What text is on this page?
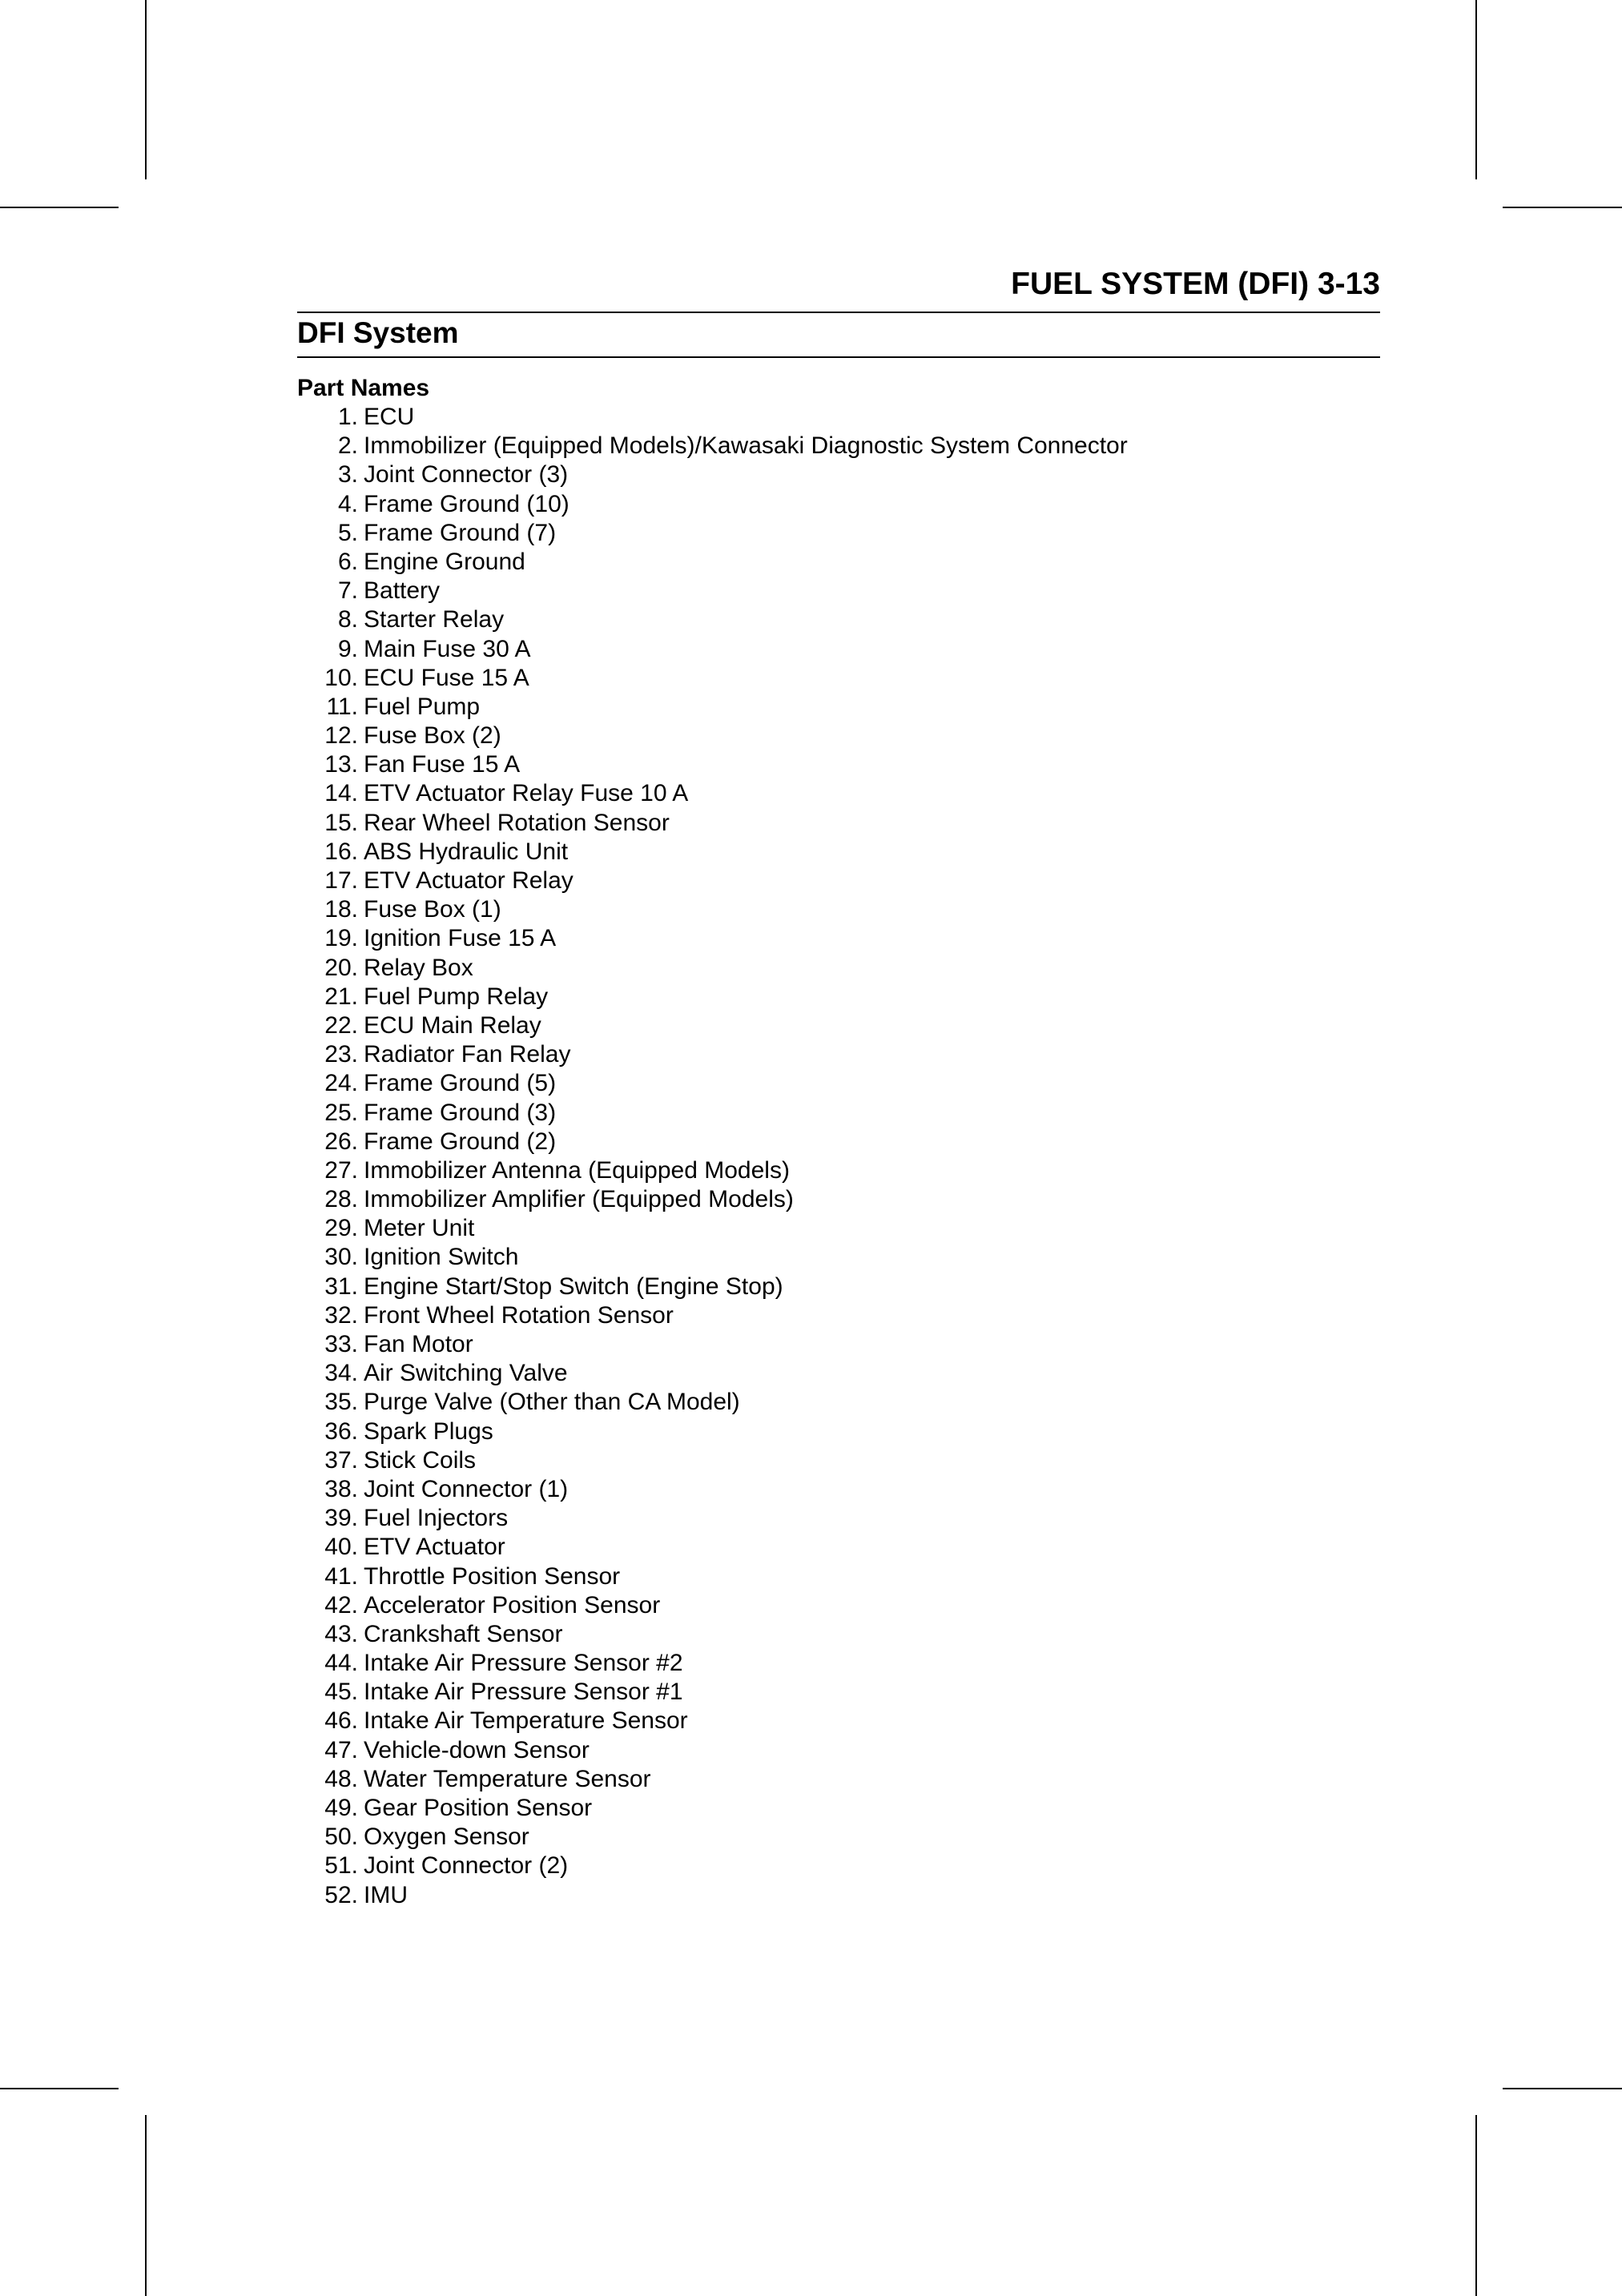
FUEL SYSTEM (DFI) 3-13
DFI System
Part Names
1. ECU
2. Immobilizer (Equipped Models)/Kawasaki Diagnostic System Connector
3. Joint Connector (3)
4. Frame Ground (10)
5. Frame Ground (7)
6. Engine Ground
7. Battery
8. Starter Relay
9. Main Fuse 30 A
10. ECU Fuse 15 A
11. Fuel Pump
12. Fuse Box (2)
13. Fan Fuse 15 A
14. ETV Actuator Relay Fuse 10 A
15. Rear Wheel Rotation Sensor
16. ABS Hydraulic Unit
17. ETV Actuator Relay
18. Fuse Box (1)
19. Ignition Fuse 15 A
20. Relay Box
21. Fuel Pump Relay
22. ECU Main Relay
23. Radiator Fan Relay
24. Frame Ground (5)
25. Frame Ground (3)
26. Frame Ground (2)
27. Immobilizer Antenna (Equipped Models)
28. Immobilizer Amplifier (Equipped Models)
29. Meter Unit
30. Ignition Switch
31. Engine Start/Stop Switch (Engine Stop)
32. Front Wheel Rotation Sensor
33. Fan Motor
34. Air Switching Valve
35. Purge Valve (Other than CA Model)
36. Spark Plugs
37. Stick Coils
38. Joint Connector (1)
39. Fuel Injectors
40. ETV Actuator
41. Throttle Position Sensor
42. Accelerator Position Sensor
43. Crankshaft Sensor
44. Intake Air Pressure Sensor #2
45. Intake Air Pressure Sensor #1
46. Intake Air Temperature Sensor
47. Vehicle-down Sensor
48. Water Temperature Sensor
49. Gear Position Sensor
50. Oxygen Sensor
51. Joint Connector (2)
52. IMU
